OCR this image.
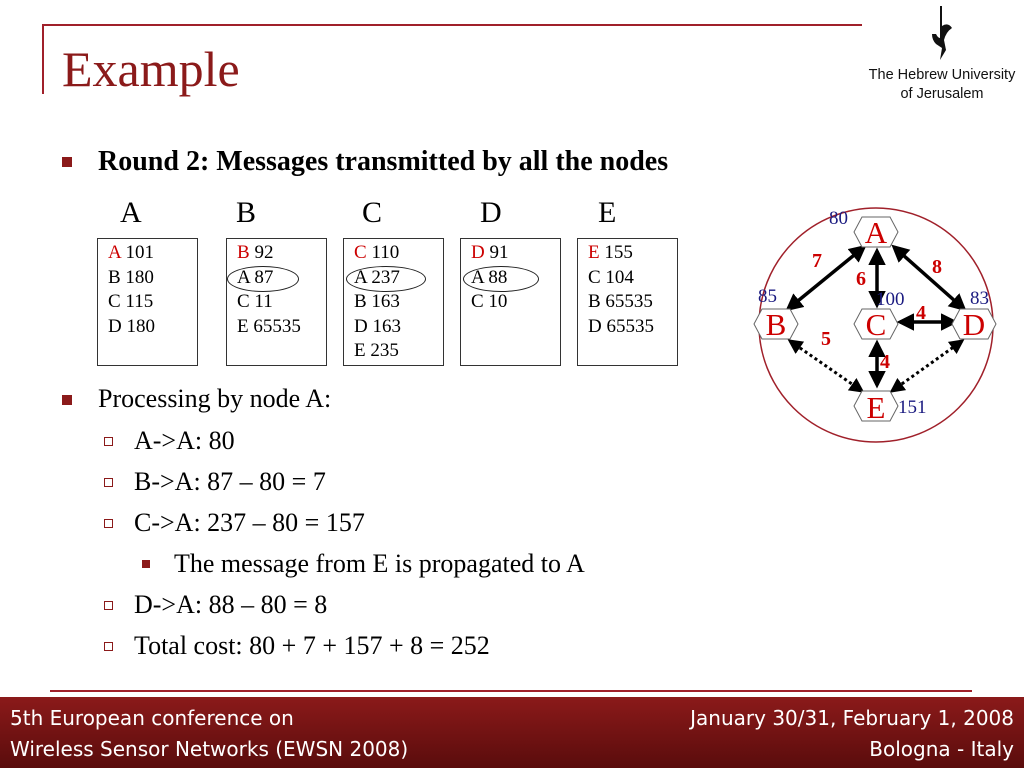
Example	The Hebrew University
of Jerusalem
Round 2: Messages transmitted by all the nodes
A	B	C	D	E
A 101
B 180
C 115
D 180
B 92
A 87
C 11
E 65535
C 110
A 237
B 163
D 163
E 235
D 91
A 88
C 10
E 155
C 104
B 65535
D 65535
Processing by node A:
A->A: 80
B->A: 87 – 80 = 7
C->A: 237 – 80 = 157
The message from E is propagated to A
D->A: 88 – 80 = 8
Total cost: 80 + 7 + 157 + 8 = 252
A
B	C D
E
80
85	100	83
151
7
6
8
5
4
4
5th European conference on
Wireless Sensor Networks (EWSN 2008)
January 30/31, February 1, 2008
Bologna - Italy
